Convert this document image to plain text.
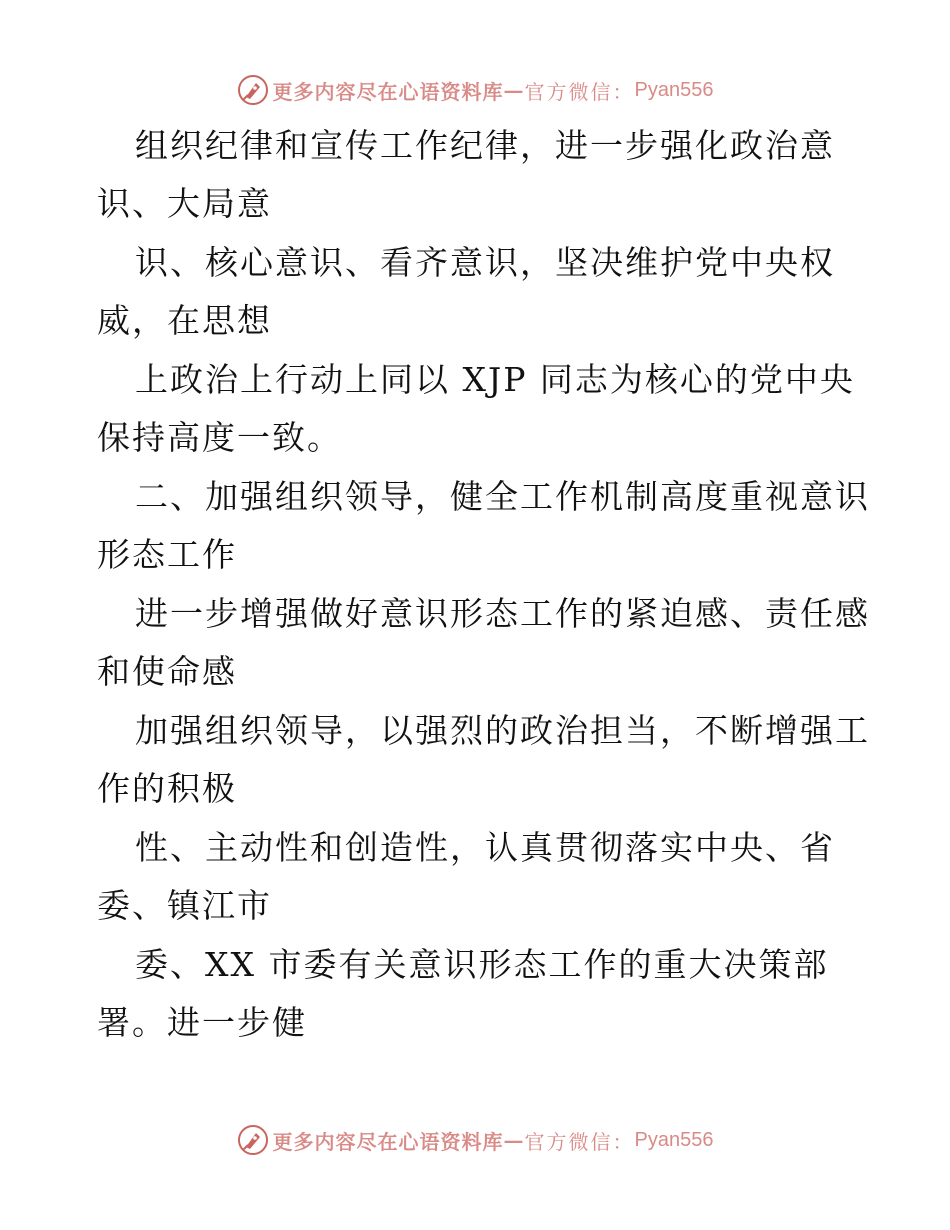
更多内容尽在心语资料库 — 官方微信： Pyan556
组织纪律和宣传工作纪律，进一步强化政治意
识、大局意
识、核心意识、看齐意识，坚决维护党中央权
威，在思想
上政治上行动上同以 XJP 同志为核心的党中央
保持高度一致。
二、加强组织领导，健全工作机制高度重视意识
形态工作
进一步增强做好意识形态工作的紧迫感、责任感
和使命感
加强组织领导，以强烈的政治担当，不断增强工
作的积极
性、主动性和创造性，认真贯彻落实中央、省
委、镇江市
委、XX 市委有关意识形态工作的重大决策部
署。进一步健
更多内容尽在心语资料库 — 官方微信： Pyan556
